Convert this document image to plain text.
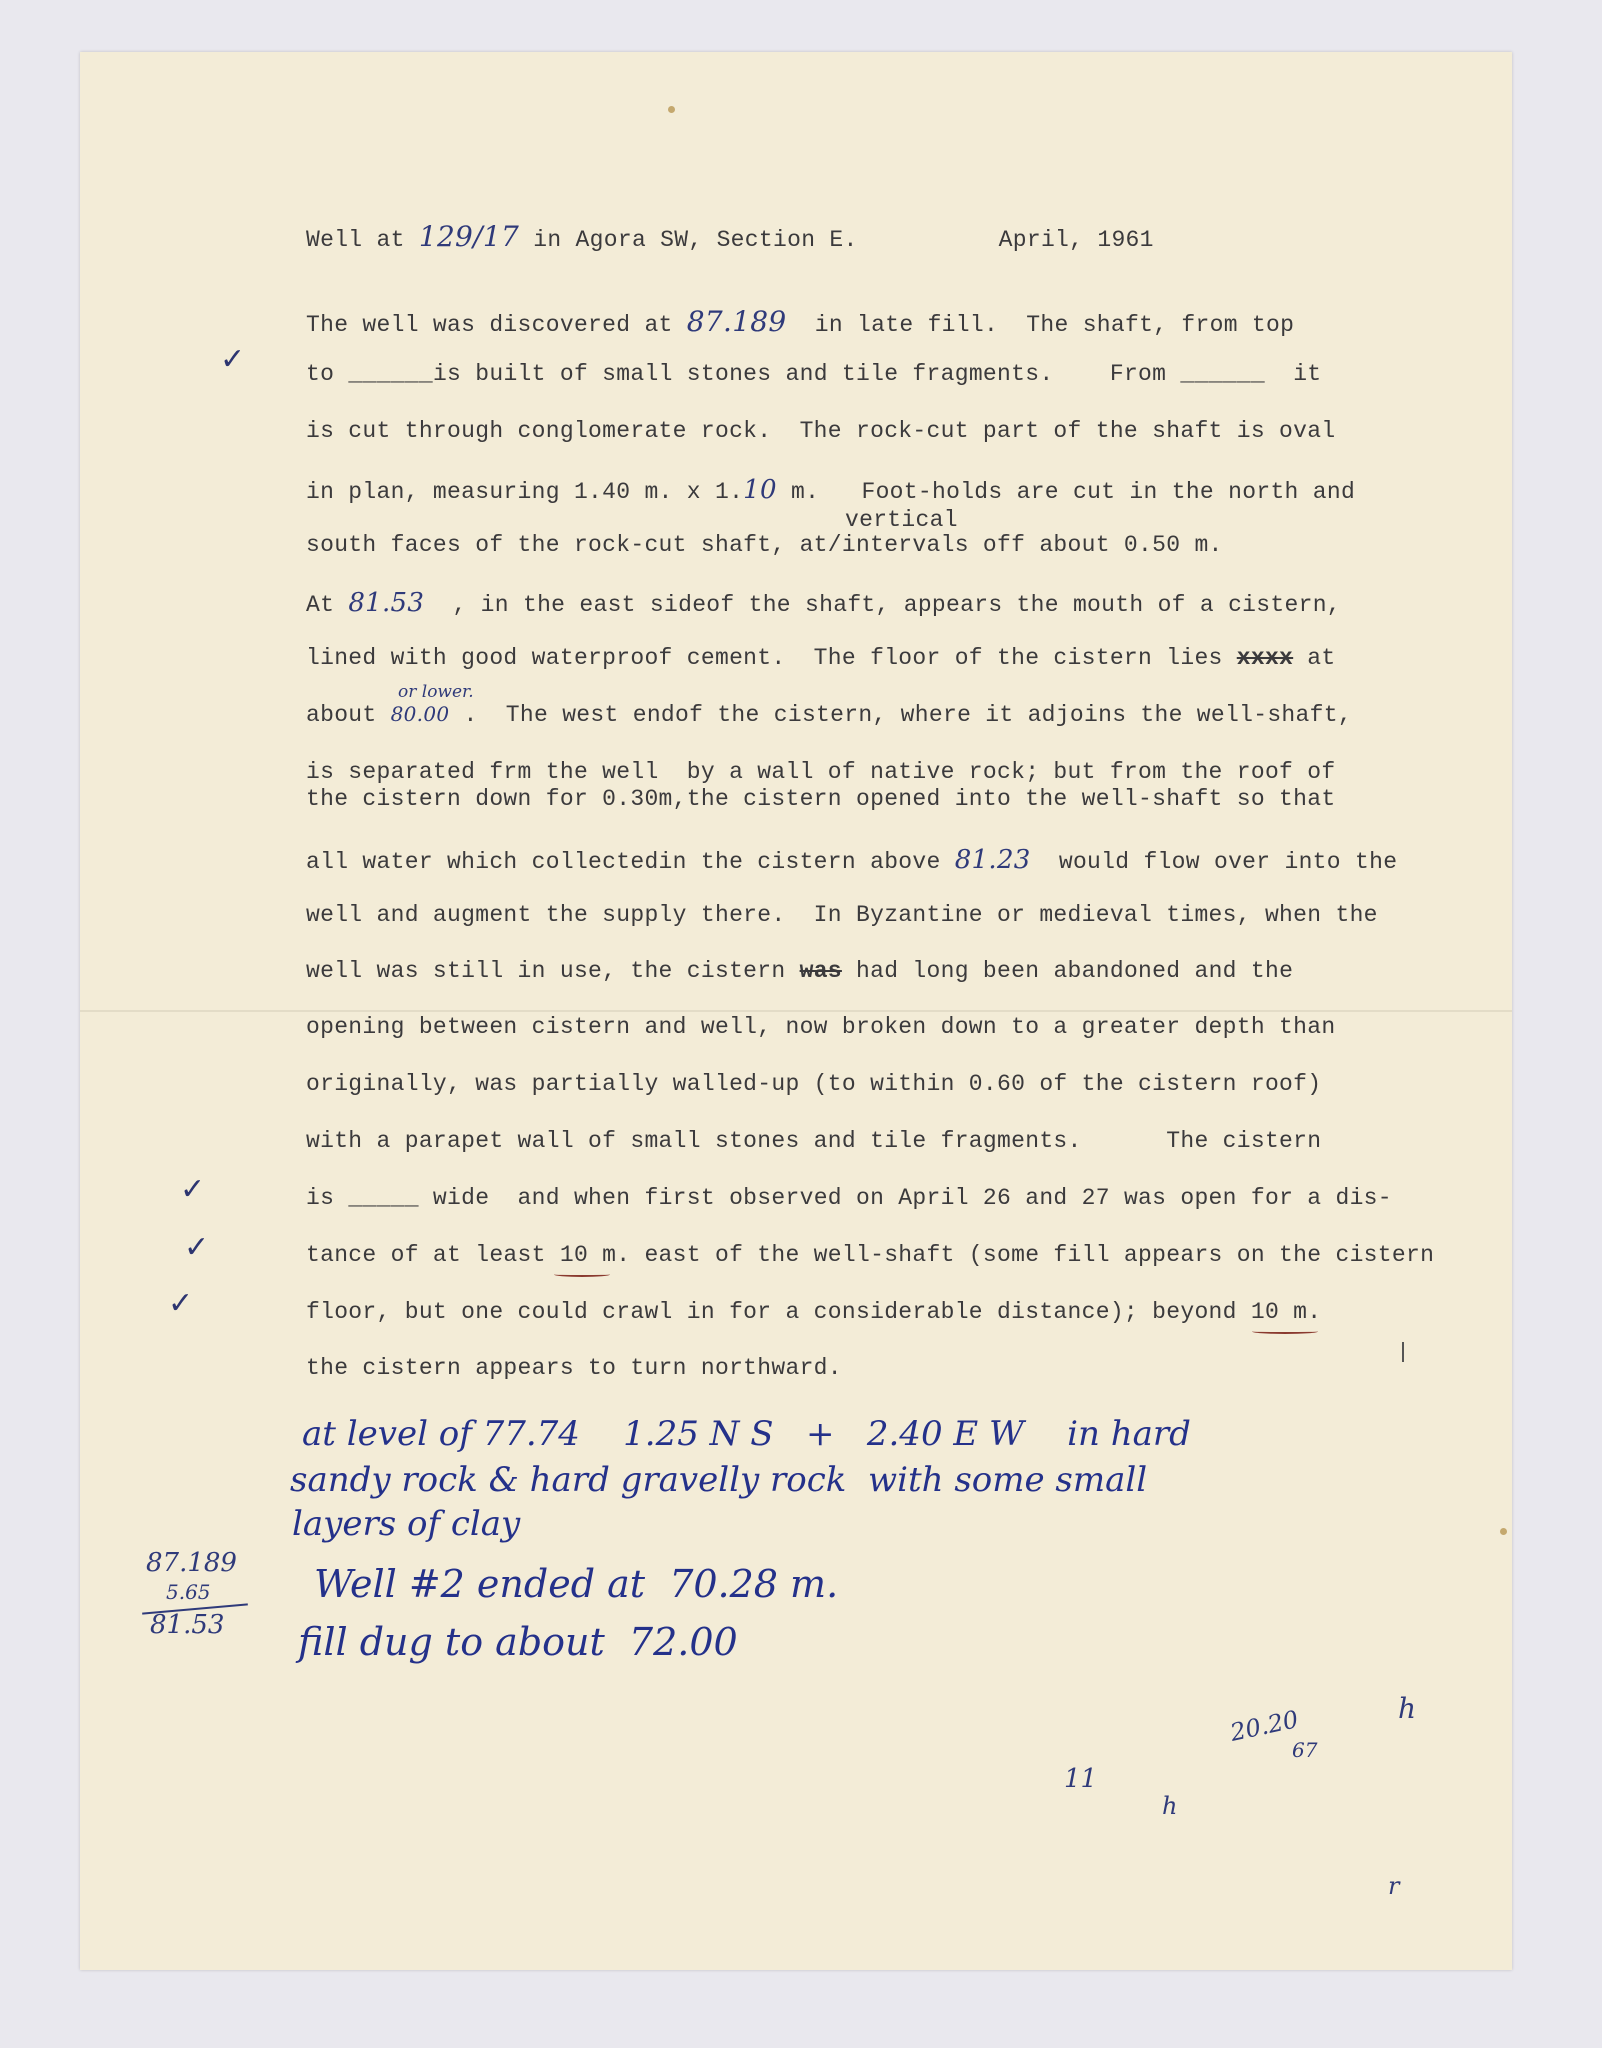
Well at 129/17 in Agora SW, Section E.	April, 1961
The well was discovered at 87.189  in late fill.  The shaft, from top
to ______is built of small stones and tile fragments.    From ______  it
is cut through conglomerate rock.  The rock-cut part of the shaft is oval
in plan, measuring 1.40 m. x 1.10 m.   Foot-holds are cut in the north and
vertical
south faces of the rock-cut shaft, at/intervals off about 0.50 m.
At 81.53  , in the east sideof the shaft, appears the mouth of a cistern,
lined with good waterproof cement.  The floor of the cistern lies xxxx at
or lower.
about 80.00 .  The west endof the cistern, where it adjoins the well-shaft,
is separated frm the well  by a wall of native rock; but from the roof of
the cistern down for 0.30m,the cistern opened into the well-shaft so that
all water which collectedin the cistern above 81.23  would flow over into the
well and augment the supply there.  In Byzantine or medieval times, when the
well was still in use, the cistern was had long been abandoned and the
opening between cistern and well, now broken down to a greater depth than
originally, was partially walled-up (to within 0.60 of the cistern roof)
with a parapet wall of small stones and tile fragments.      The cistern
is _____ wide  and when first observed on April 26 and 27 was open for a dis-
tance of at least 10 m. east of the well-shaft (some fill appears on the cistern
floor, but one could crawl in for a considerable distance); beyond 10 m.
the cistern appears to turn northward.
at level of 77.74    1.25 N S   +   2.40 E W    in hard
sandy rock & hard gravelly rock  with some small
layers of clay
Well #2 ended at  70.28 m.
fill dug to about  72.00
87.189
5.65
81.53
✓
✓
✓
✓
20.20
67
h
h
11
r
